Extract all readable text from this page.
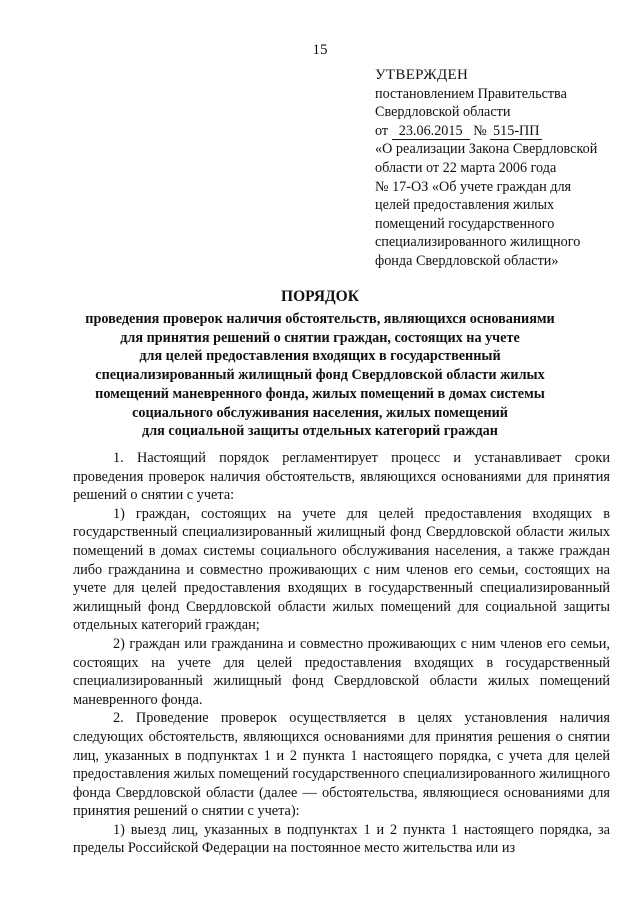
15
УТВЕРЖДЕН
постановлением Правительства
Свердловской области
от 23.06.2015 № 515-ПП
«О реализации Закона Свердловской
области от 22 марта 2006 года
№ 17-ОЗ «Об учете граждан для
целей предоставления жилых
помещений государственного
специализированного жилищного
фонда Свердловской области»
ПОРЯДОК
проведения проверок наличия обстоятельств, являющихся основаниями
для принятия решений о снятии граждан, состоящих на учете
для целей предоставления входящих в государственный
специализированный жилищный фонд Свердловской области жилых
помещений маневренного фонда, жилых помещений в домах системы
социального обслуживания населения, жилых помещений
для социальной защиты отдельных категорий граждан

1. Настоящий порядок регламентирует процесс и устанавливает сроки проведения проверок наличия обстоятельств, являющихся основаниями для принятия решений о снятии с учета:

1) граждан, состоящих на учете для целей предоставления входящих в государственный специализированный жилищный фонд Свердловской области жилых помещений в домах системы социального обслуживания населения, а также граждан либо гражданина и совместно проживающих с ним членов его семьи, состоящих на учете для целей предоставления входящих в государственный специализированный жилищный фонд Свердловской области жилых помещений для социальной защиты отдельных категорий граждан;

2) граждан или гражданина и совместно проживающих с ним членов его семьи, состоящих на учете для целей предоставления входящих в государственный специализированный жилищный фонд Свердловской области жилых помещений маневренного фонда.

2. Проведение проверок осуществляется в целях установления наличия следующих обстоятельств, являющихся основаниями для принятия решения о снятии лиц, указанных в подпунктах 1 и 2 пункта 1 настоящего порядка, с учета для целей предоставления жилых помещений государственного специализированного жилищного фонда Свердловской области (далее — обстоятельства, являющиеся основаниями для принятия решений о снятии с учета):

1) выезд лиц, указанных в подпунктах 1 и 2 пункта 1 настоящего порядка, за пределы Российской Федерации на постоянное место жительства или из
